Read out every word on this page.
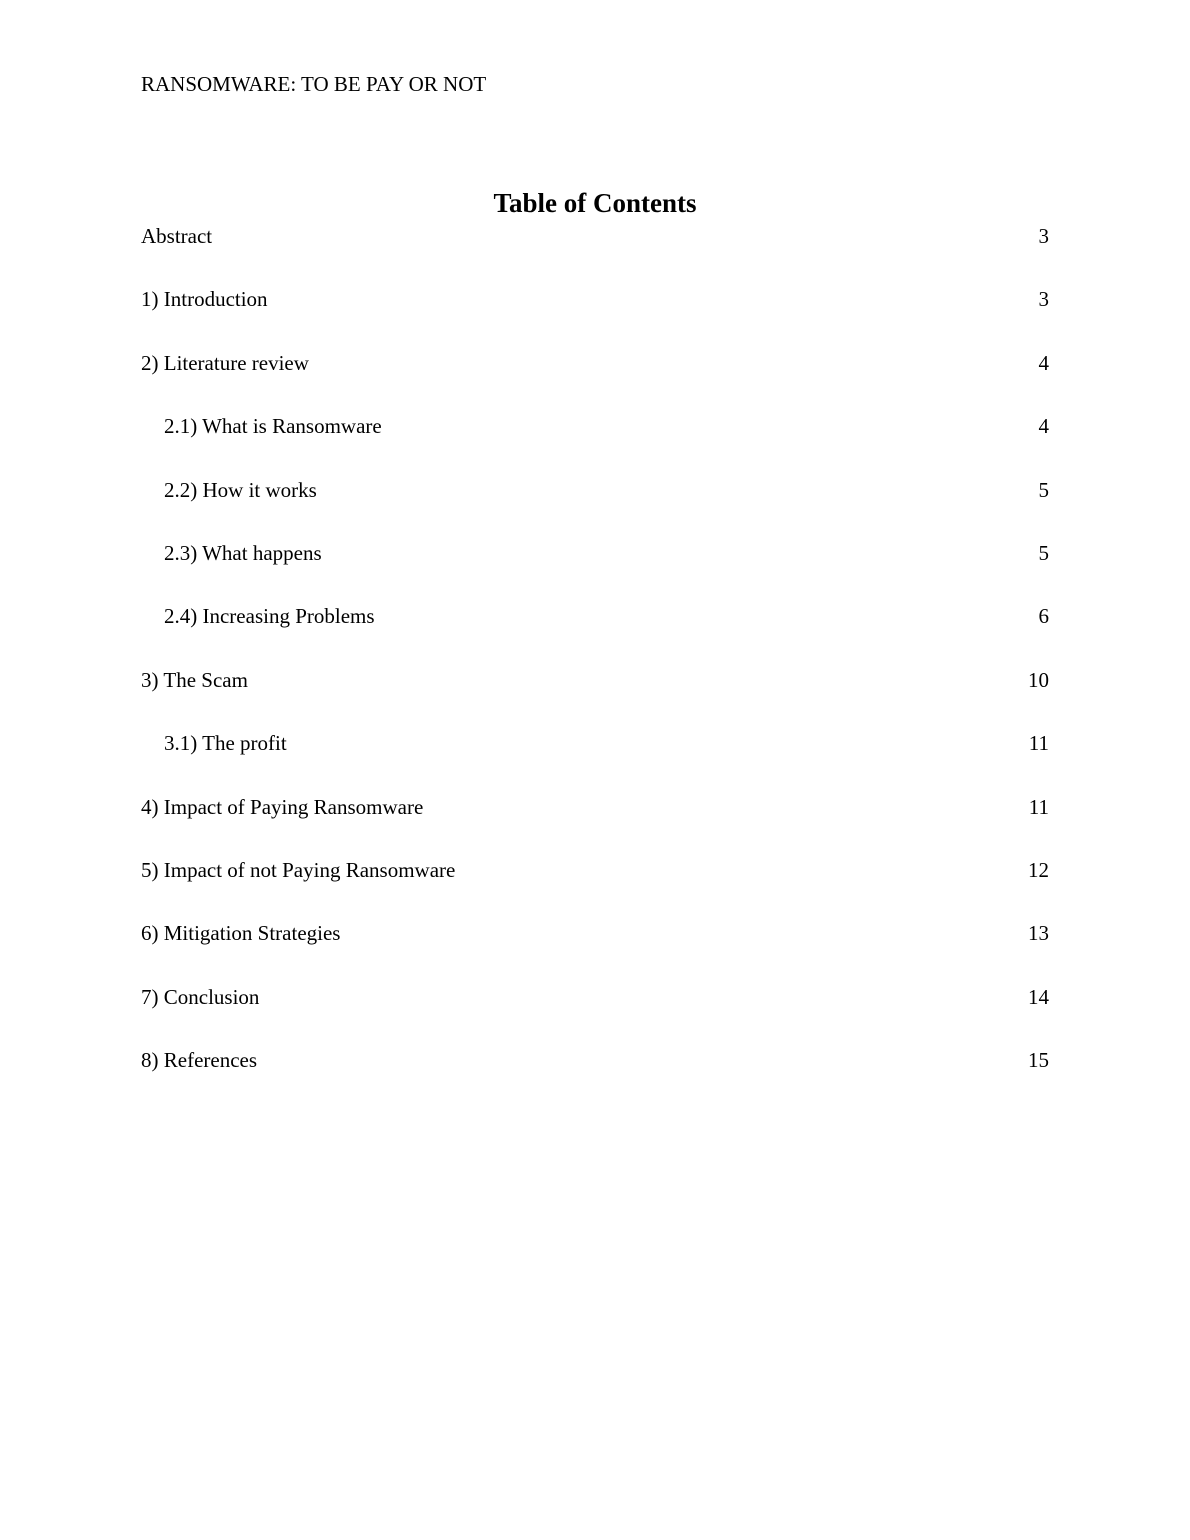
RANSOMWARE: TO BE PAY OR NOT
Table of Contents
Abstract	3
1) Introduction	3
2) Literature review	4
2.1) What is Ransomware	4
2.2) How it works	5
2.3) What happens	5
2.4) Increasing Problems	6
3) The Scam	10
3.1) The profit	11
4) Impact of Paying Ransomware	11
5) Impact of not Paying Ransomware	12
6) Mitigation Strategies	13
7) Conclusion	14
8) References	15
